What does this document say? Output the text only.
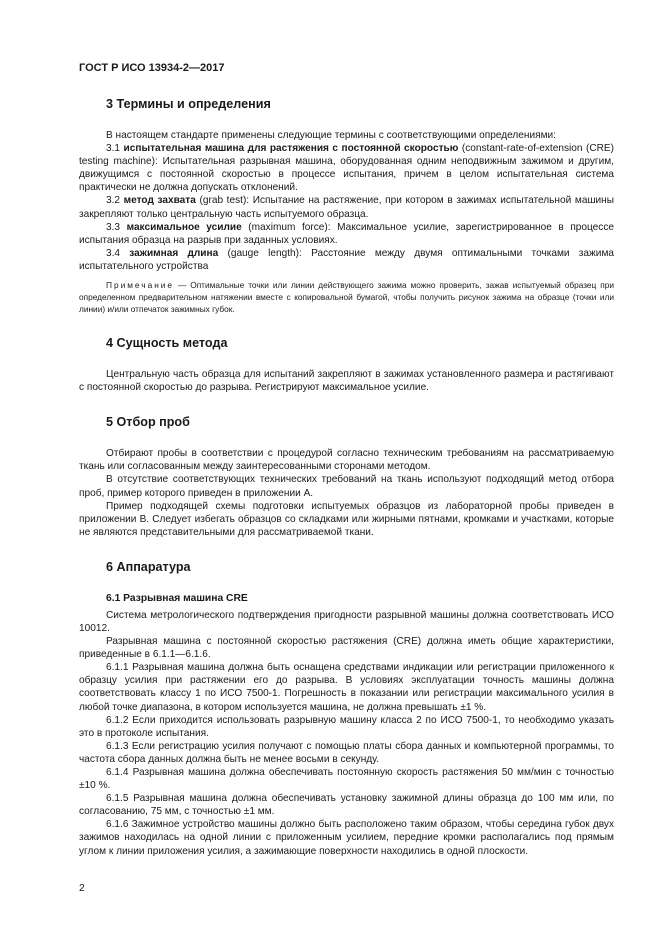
ГОСТ Р ИСО 13934-2—2017
3 Термины и определения

В настоящем стандарте применены следующие термины с соответствующими определениями:

3.1 испытательная машина для растяжения с постоянной скоростью (constant-rate-of-extension (CRE) testing machine): Испытательная разрывная машина, оборудованная одним неподвижным зажимом и другим, движущимся с постоянной скоростью в процессе испытания, причем в целом испытательная система практически не должна допускать отклонений.

3.2 метод захвата (grab test): Испытание на растяжение, при котором в зажимах испытательной машины закрепляют только центральную часть испытуемого образца.

3.3 максимальное усилие (maximum force): Максимальное усилие, зарегистрированное в процессе испытания образца на разрыв при заданных условиях.

3.4 зажимная длина (gauge length): Расстояние между двумя оптимальными точками зажима испытательного устройства

Примечание — Оптимальные точки или линии действующего зажима можно проверить, зажав испытуемый образец при определенном предварительном натяжении вместе с копировальной бумагой, чтобы получить рисунок зажима на образце (точки или линии) и/или отпечаток зажимных губок.

4 Сущность метода

Центральную часть образца для испытаний закрепляют в зажимах установленного размера и растягивают с постоянной скоростью до разрыва. Регистрируют максимальное усилие.

5 Отбор проб

Отбирают пробы в соответствии с процедурой согласно техническим требованиям на рассматриваемую ткань или согласованным между заинтересованными сторонами методом.

В отсутствие соответствующих технических требований на ткань используют подходящий метод отбора проб, пример которого приведен в приложении А.

Пример подходящей схемы подготовки испытуемых образцов из лабораторной пробы приведен в приложении В. Следует избегать образцов со складками или жирными пятнами, кромками и участками, которые не являются представительными для рассматриваемой ткани.

6 Аппаратура
6.1 Разрывная машина CRE

Система метрологического подтверждения пригодности разрывной машины должна соответствовать ИСО 10012.

Разрывная машина с постоянной скоростью растяжения (CRE) должна иметь общие характеристики, приведенные в 6.1.1—6.1.6.

6.1.1 Разрывная машина должна быть оснащена средствами индикации или регистрации приложенного к образцу усилия при растяжении его до разрыва. В условиях эксплуатации точность машины должна соответствовать классу 1 по ИСО 7500-1. Погрешность в показании или регистрации максимального усилия в любой точке диапазона, в котором используется машина, не должна превышать ±1 %.

6.1.2 Если приходится использовать разрывную машину класса 2 по ИСО 7500-1, то необходимо указать это в протоколе испытания.

6.1.3 Если регистрацию усилия получают с помощью платы сбора данных и компьютерной программы, то частота сбора данных должна быть не менее восьми в секунду.

6.1.4 Разрывная машина должна обеспечивать постоянную скорость растяжения 50 мм/мин с точностью ±10 %.

6.1.5 Разрывная машина должна обеспечивать установку зажимной длины образца до 100 мм или, по согласованию, 75 мм, с точностью ±1 мм.

6.1.6 Зажимное устройство машины должно быть расположено таким образом, чтобы середина губок двух зажимов находилась на одной линии с приложенным усилием, передние кромки располагались под прямым углом к линии приложения усилия, а зажимающие поверхности находились в одной плоскости.

2
